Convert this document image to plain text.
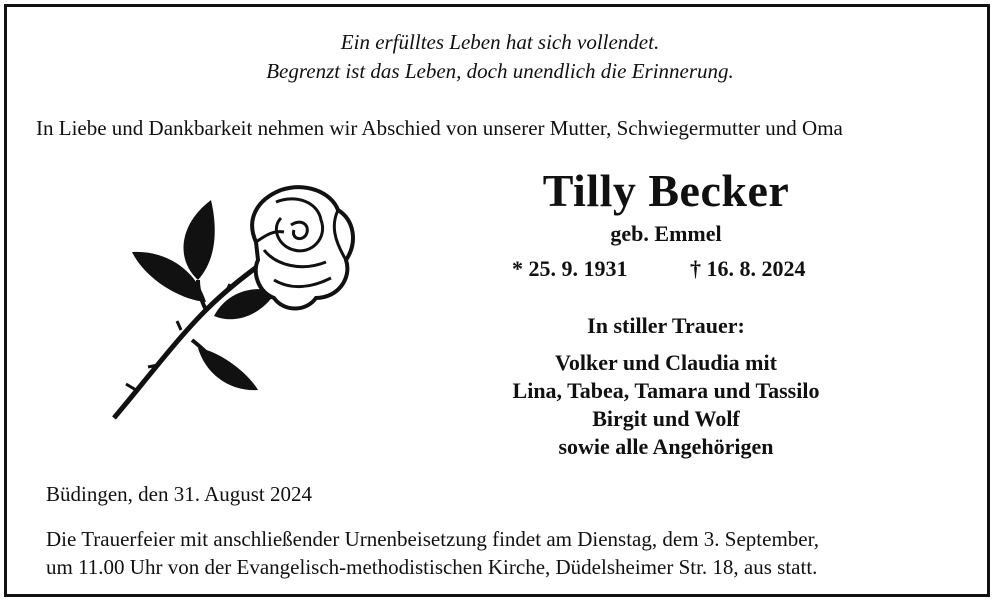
Ein erfülltes Leben hat sich vollendet.
Begrenzt ist das Leben, doch unendlich die Erinnerung.
In Liebe und Dankbarkeit nehmen wir Abschied von unserer Mutter, Schwiegermutter und Oma
Tilly Becker
geb. Emmel
* 25. 9. 1931	† 16. 8. 2024
In stiller Trauer:
Volker und Claudia mit
Lina, Tabea, Tamara und Tassilo
Birgit und Wolf
sowie alle Angehörigen
Büdingen, den 31. August 2024
Die Trauerfeier mit anschließender Urnenbeisetzung findet am Dienstag, dem 3. September,
um 11.00 Uhr von der Evangelisch-methodistischen Kirche, Düdelsheimer Str. 18, aus statt.
